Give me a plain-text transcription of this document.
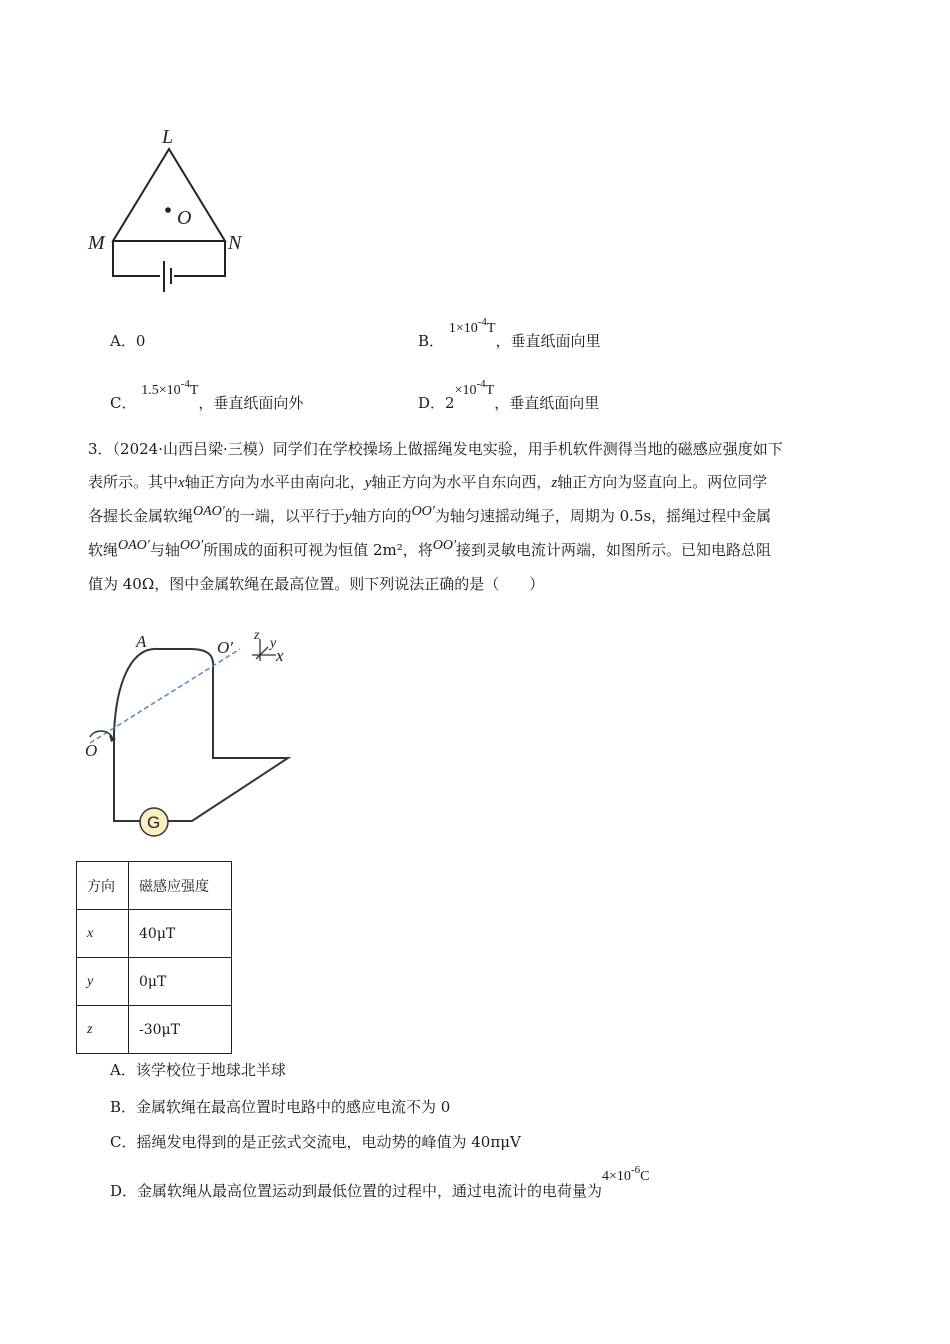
L
M	N
O
A．0	B． $1\times 10^{-4}T$，垂直纸面向里
C． $1.5\times 10^{-4}T$，垂直纸面向外	D．$2\times 10^{-4}T$，垂直纸面向里
3．（2024·山西吕梁·三模）同学们在学校操场上做摇绳发电实验，用手机软件测得当地的磁感应强度如下
表所示。其中x轴正方向为水平由南向北，y轴正方向为水平自东向西，z轴正方向为竖直向上。两位同学
各握长金属软绳OAO′的一端，以平行于y轴方向的OO′为轴匀速摇动绳子，周期为 0.5s，摇绳过程中金属
软绳OAO′与轴OO′所围成的面积可视为恒值 2m²，将OO′接到灵敏电流计两端，如图所示。已知电路总阻
值为 40Ω，图中金属软绳在最高位置。则下列说法正确的是（　　）
G
A	O′
O
x
y
z
方向	磁感应强度
x	40μT
y	0μT
z	-30μT
A．该学校位于地球北半球
B．金属软绳在最高位置时电路中的感应电流不为 0
C．摇绳发电得到的是正弦式交流电，电动势的峰值为 40πμV
D．金属软绳从最高位置运动到最低位置的过程中，通过电流计的电荷量为$4\times 10^{-6}C$
